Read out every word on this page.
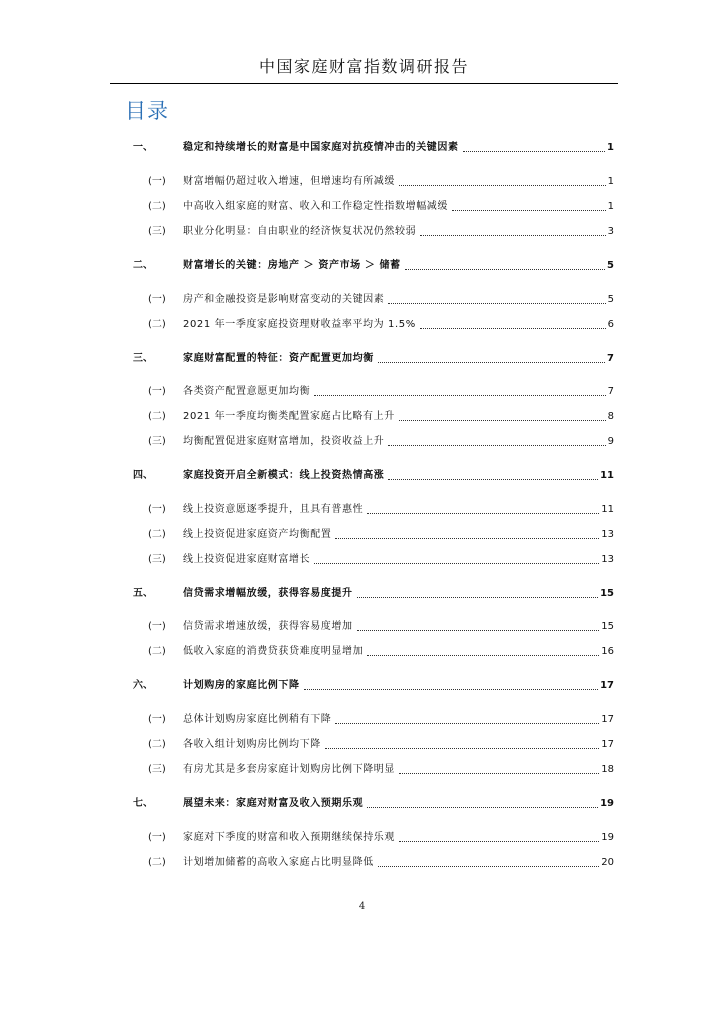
中国家庭财富指数调研报告
目录
一、	稳定和持续增长的财富是中国家庭对抗疫情冲击的关键因素	1
(一)	财富增幅仍超过收入增速，但增速均有所减缓	1
(二)	中高收入组家庭的财富、收入和工作稳定性指数增幅减缓	1
(三)	职业分化明显：自由职业的经济恢复状况仍然较弱	3
二、	财富增长的关键：房地产 ＞ 资产市场 ＞ 储蓄	5
(一)	房产和金融投资是影响财富变动的关键因素	5
(二)	2021 年一季度家庭投资理财收益率平均为 1.5%	6
三、	家庭财富配置的特征：资产配置更加均衡	7
(一)	各类资产配置意愿更加均衡	7
(二)	2021 年一季度均衡类配置家庭占比略有上升	8
(三)	均衡配置促进家庭财富增加，投资收益上升	9
四、	家庭投资开启全新模式：线上投资热情高涨	11
(一)	线上投资意愿逐季提升，且具有普惠性	11
(二)	线上投资促进家庭资产均衡配置	13
(三)	线上投资促进家庭财富增长	13
五、	信贷需求增幅放缓，获得容易度提升	15
(一)	信贷需求增速放缓，获得容易度增加	15
(二)	低收入家庭的消费贷获贷难度明显增加	16
六、	计划购房的家庭比例下降	17
(一)	总体计划购房家庭比例稍有下降	17
(二)	各收入组计划购房比例均下降	17
(三)	有房尤其是多套房家庭计划购房比例下降明显	18
七、	展望未来：家庭对财富及收入预期乐观	19
(一)	家庭对下季度的财富和收入预期继续保持乐观	19
(二)	计划增加储蓄的高收入家庭占比明显降低	20
4
